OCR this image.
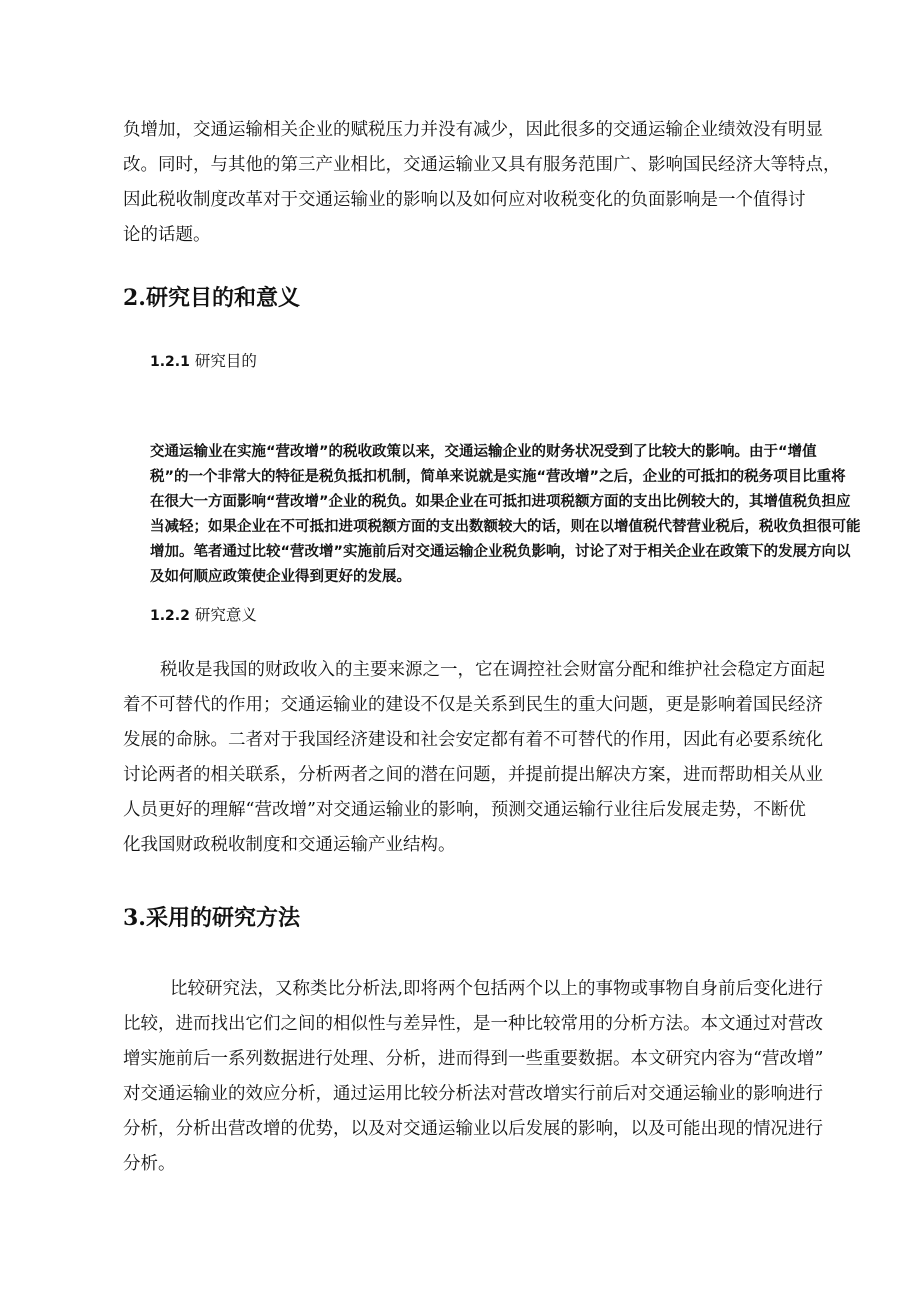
负增加，交通运输相关企业的赋税压力并没有减少，因此很多的交通运输企业绩效没有明显

改。同时，与其他的第三产业相比，交通运输业又具有服务范围广、影响国民经济大等特点，

因此税收制度改革对于交通运输业的影响以及如何应对收税变化的负面影响是一个值得讨

论的话题。

2.研究目的和意义
1.2.1 研究目的

交通运输业在实施“营改增”的税收政策以来，交通运输企业的财务状况受到了比较大的影响。由于“增值

税”的一个非常大的特征是税负抵扣机制，简单来说就是实施“营改增”之后，企业的可抵扣的税务项目比重将

在很大一方面影响“营改增”企业的税负。如果企业在可抵扣进项税额方面的支出比例较大的，其增值税负担应

当减轻；如果企业在不可抵扣进项税额方面的支出数额较大的话，则在以增值税代替营业税后，税收负担很可能

增加。笔者通过比较“营改增”实施前后对交通运输企业税负影响，讨论了对于相关企业在政策下的发展方向以

及如何顺应政策使企业得到更好的发展。

1.2.2 研究意义

税收是我国的财政收入的主要来源之一，它在调控社会财富分配和维护社会稳定方面起

着不可替代的作用；交通运输业的建设不仅是关系到民生的重大问题，更是影响着国民经济

发展的命脉。二者对于我国经济建设和社会安定都有着不可替代的作用，因此有必要系统化

讨论两者的相关联系，分析两者之间的潜在问题，并提前提出解决方案，进而帮助相关从业

人员更好的理解“营改增”对交通运输业的影响，预测交通运输行业往后发展走势，不断优

化我国财政税收制度和交通运输产业结构。

3.采用的研究方法

比较研究法，又称类比分析法,即将两个包括两个以上的事物或事物自身前后变化进行

比较，进而找出它们之间的相似性与差异性，是一种比较常用的分析方法。本文通过对营改

增实施前后一系列数据进行处理、分析，进而得到一些重要数据。本文研究内容为“营改增”

对交通运输业的效应分析，通过运用比较分析法对营改增实行前后对交通运输业的影响进行

分析，分析出营改增的优势，以及对交通运输业以后发展的影响，以及可能出现的情况进行

分析。
